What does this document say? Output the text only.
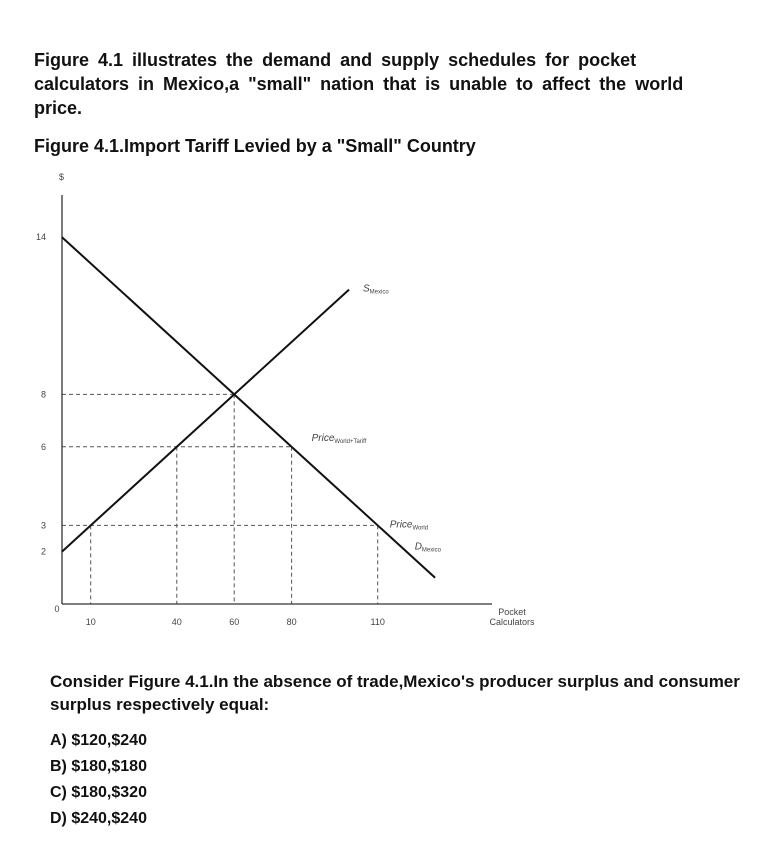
Figure 4.1 illustrates the demand and supply schedules for pocket calculators in Mexico,a "small" nation that is unable to affect the world price.

Figure 4.1.Import Tariff Levied by a "Small" Country

$
Pocket Calculators
14
8
6
3
2
0
10	40	60	80	110
$S_{Mexico}$
$D_{Mexico}$
Price$_{World+Tariff}$
Price$_{World}$

Consider Figure 4.1.In the absence of trade,Mexico's producer surplus and consumer surplus respectively equal:

A) $120,$240
B) $180,$180
C) $180,$320
D) $240,$240
